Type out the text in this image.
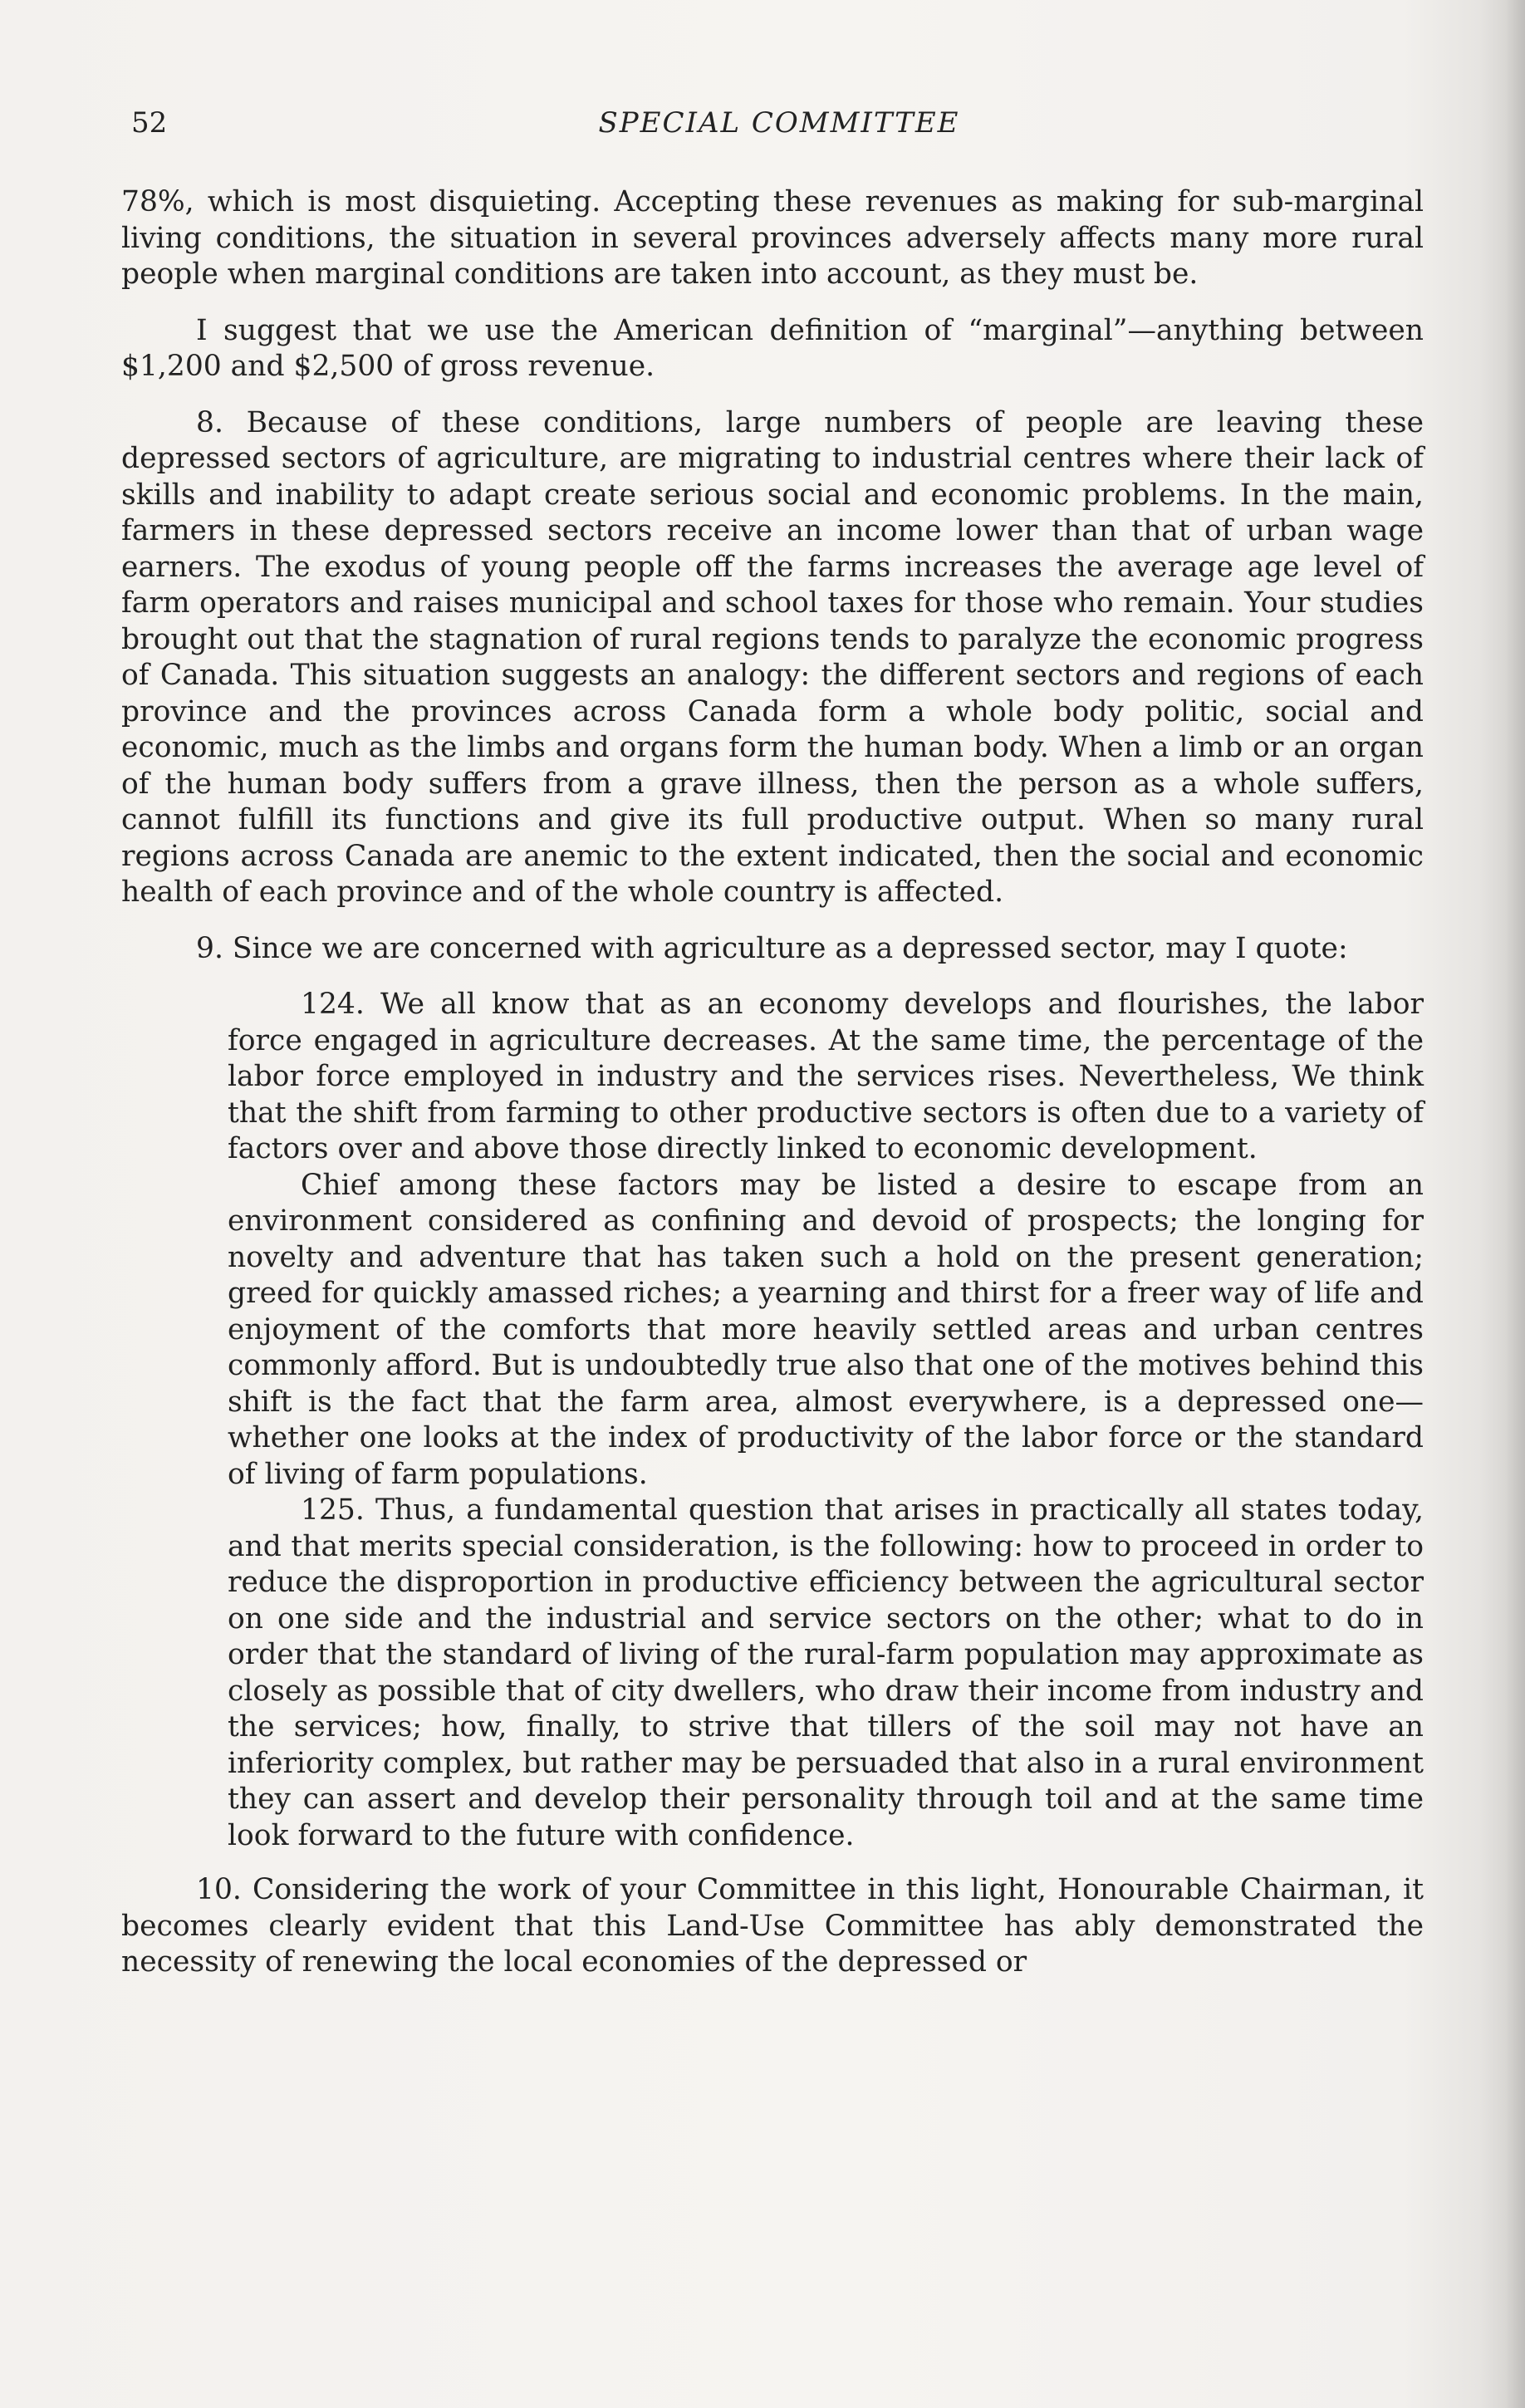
SPECIAL COMMITTEE
52

78%, which is most disquieting. Accepting these revenues as making for sub-marginal living conditions, the situation in several provinces adversely affects many more rural people when marginal conditions are taken into account, as they must be.

I suggest that we use the American definition of “marginal”—anything between $1,200 and $2,500 of gross revenue.

8. Because of these conditions, large numbers of people are leaving these depressed sectors of agriculture, are migrating to industrial centres where their lack of skills and inability to adapt create serious social and economic problems. In the main, farmers in these depressed sectors receive an income lower than that of urban wage earners. The exodus of young people off the farms increases the average age level of farm operators and raises municipal and school taxes for those who remain. Your studies brought out that the stagnation of rural regions tends to paralyze the economic progress of Canada. This situation suggests an analogy: the different sectors and regions of each province and the provinces across Canada form a whole body politic, social and economic, much as the limbs and organs form the human body. When a limb or an organ of the human body suffers from a grave illness, then the person as a whole suffers, cannot fulfill its functions and give its full productive output. When so many rural regions across Canada are anemic to the extent indicated, then the social and economic health of each province and of the whole country is affected.

9. Since we are concerned with agriculture as a depressed sector, may I quote:

124. We all know that as an economy develops and flourishes, the labor force engaged in agriculture decreases. At the same time, the percentage of the labor force employed in industry and the services rises. Nevertheless, We think that the shift from farming to other productive sectors is often due to a variety of factors over and above those directly linked to economic development.

Chief among these factors may be listed a desire to escape from an environment considered as confining and devoid of prospects; the longing for novelty and adventure that has taken such a hold on the present generation; greed for quickly amassed riches; a yearning and thirst for a freer way of life and enjoyment of the comforts that more heavily settled areas and urban centres commonly afford. But is undoubtedly true also that one of the motives behind this shift is the fact that the farm area, almost everywhere, is a depressed one—whether one looks at the index of productivity of the labor force or the standard of living of farm populations.

125. Thus, a fundamental question that arises in practically all states today, and that merits special consideration, is the following: how to proceed in order to reduce the disproportion in productive efficiency between the agricultural sector on one side and the industrial and service sectors on the other; what to do in order that the standard of living of the rural-farm population may approximate as closely as possible that of city dwellers, who draw their income from industry and the services; how, finally, to strive that tillers of the soil may not have an inferiority complex, but rather may be persuaded that also in a rural environment they can assert and develop their personality through toil and at the same time look forward to the future with confidence.

10. Considering the work of your Committee in this light, Honourable Chairman, it becomes clearly evident that this Land-Use Committee has ably demonstrated the necessity of renewing the local economies of the depressed or
